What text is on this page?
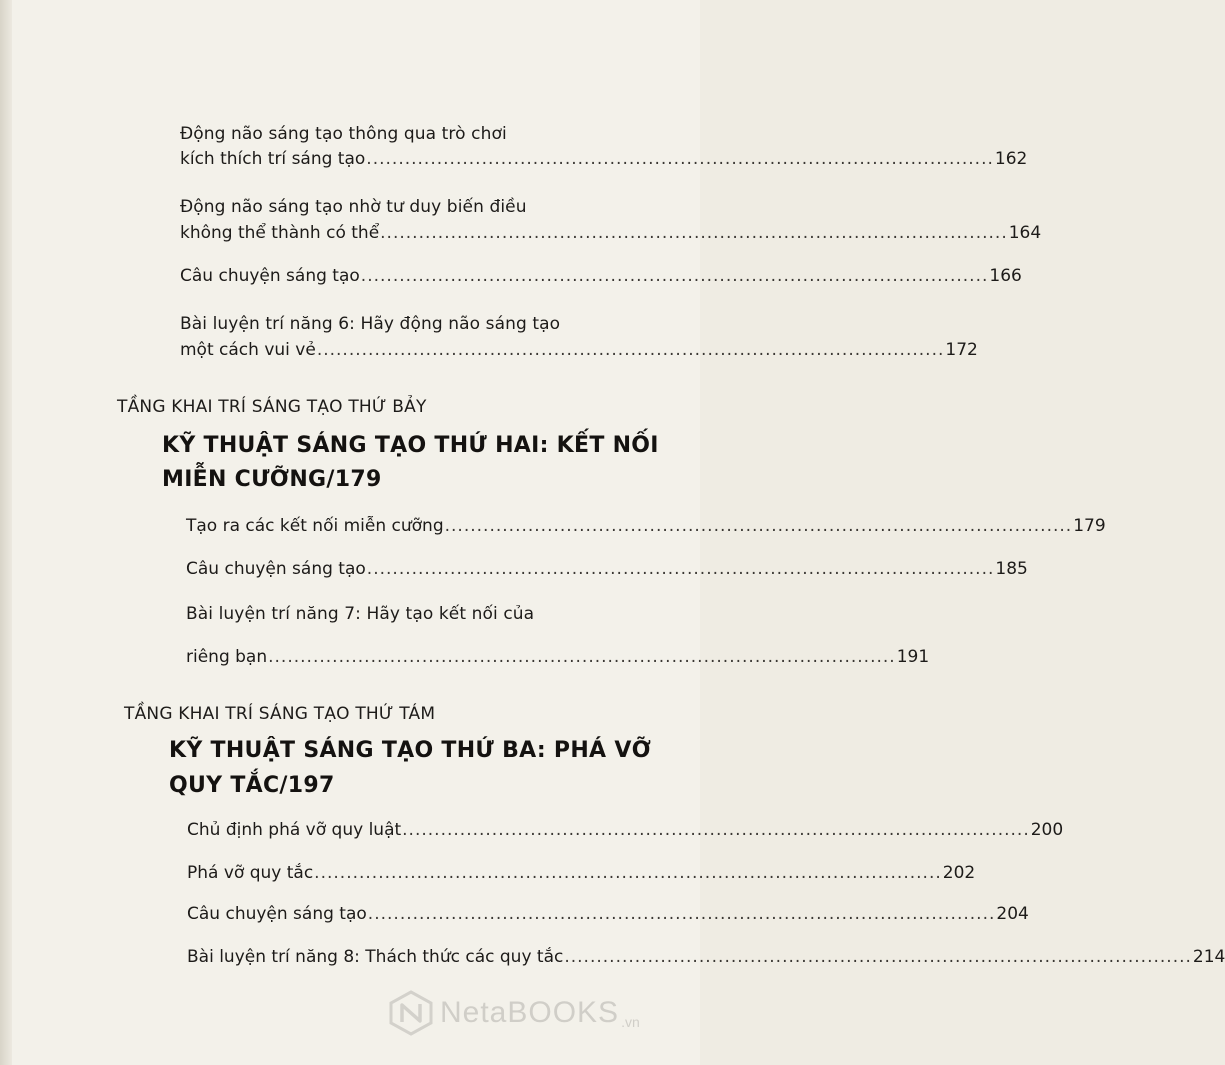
Động não sáng tạo thông qua trò chơi
kích thích trí sáng tạo .................................................................................................. 162
Động não sáng tạo nhờ tư duy biến điều
không thể thành có thể .................................................................................................. 164
Câu chuyện sáng tạo .................................................................................................. 166
Bài luyện trí năng 6: Hãy động não sáng tạo
một cách vui vẻ .................................................................................................. 172
TẦNG KHAI TRÍ SÁNG TẠO THỨ BẢY
KỸ THUẬT SÁNG TẠO THỨ HAI: KẾT NỐI
MIỄN CƯỠNG/179
Tạo ra các kết nối miễn cưỡng .................................................................................................. 179
Câu chuyện sáng tạo .................................................................................................. 185
Bài luyện trí năng 7: Hãy tạo kết nối của
riêng bạn .................................................................................................. 191
TẦNG KHAI TRÍ SÁNG TẠO THỨ TÁM
KỸ THUẬT SÁNG TẠO THỨ BA: PHÁ VỠ
QUY TẮC/197
Chủ định phá vỡ quy luật .................................................................................................. 200
Phá vỡ quy tắc .................................................................................................. 202
Câu chuyện sáng tạo .................................................................................................. 204
Bài luyện trí năng 8: Thách thức các quy tắc .................................................................................................. 214
NetaBOOKS .vn
